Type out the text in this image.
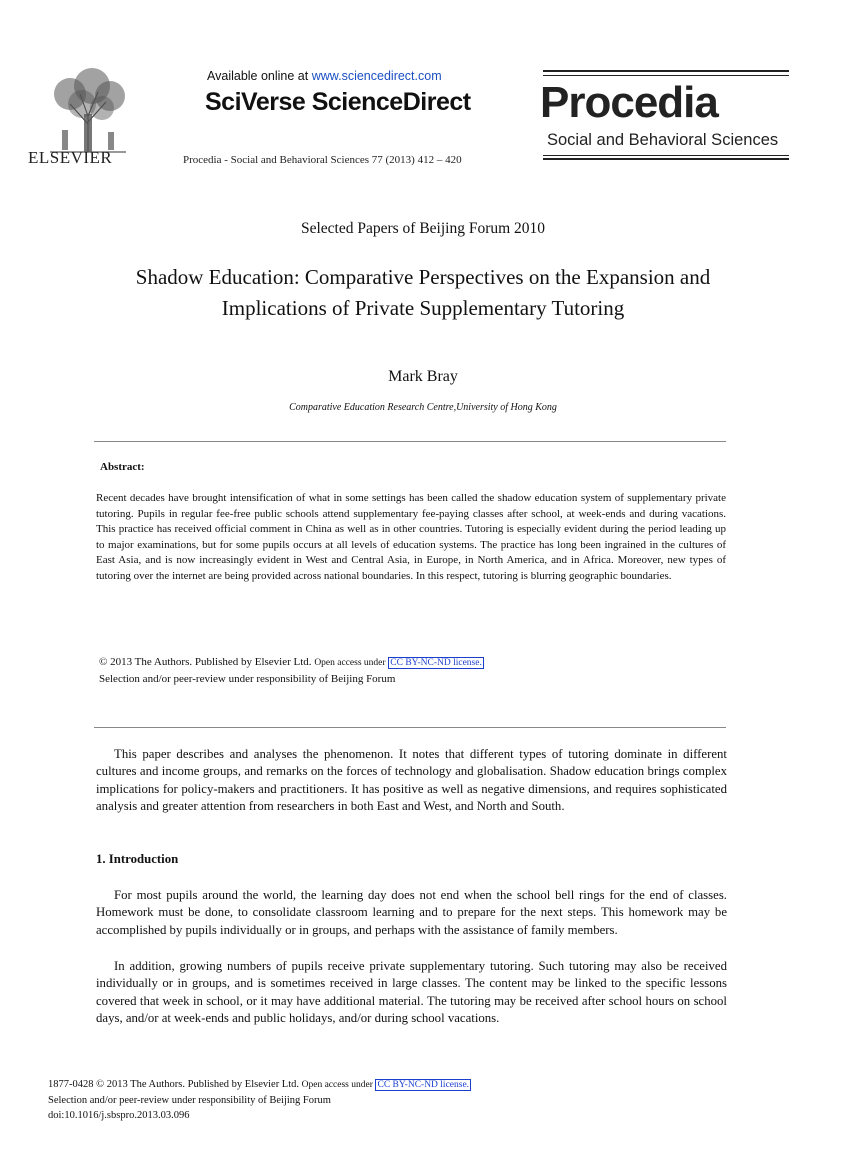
ELSEVIER
Available online at www.sciencedirect.com
SciVerse ScienceDirect
Procedia - Social and Behavioral Sciences 77 (2013) 412 – 420
Procedia
Social and Behavioral Sciences
Selected Papers of Beijing Forum 2010
Shadow Education: Comparative Perspectives on the Expansion and Implications of Private Supplementary Tutoring
Mark Bray
Comparative Education Research Centre,University of Hong Kong
Abstract:
Recent decades have brought intensification of what in some settings has been called the shadow education system of supplementary private tutoring. Pupils in regular fee-free public schools attend supplementary fee-paying classes after school, at week-ends and during vacations. This practice has received official comment in China as well as in other countries. Tutoring is especially evident during the period leading up to major examinations, but for some pupils occurs at all levels of education systems. The practice has long been ingrained in the cultures of East Asia, and is now increasingly evident in West and Central Asia, in Europe, in North America, and in Africa. Moreover, new types of tutoring over the internet are being provided across national boundaries. In this respect, tutoring is blurring geographic boundaries.
© 2013 The Authors. Published by Elsevier Ltd. Open access under CC BY-NC-ND license.
Selection and/or peer-review under responsibility of Beijing Forum
This paper describes and analyses the phenomenon. It notes that different types of tutoring dominate in different cultures and income groups, and remarks on the forces of technology and globalisation. Shadow education brings complex implications for policy-makers and practitioners. It has positive as well as negative dimensions, and requires sophisticated analysis and greater attention from researchers in both East and West, and North and South.
1. Introduction
For most pupils around the world, the learning day does not end when the school bell rings for the end of classes. Homework must be done, to consolidate classroom learning and to prepare for the next steps. This homework may be accomplished by pupils individually or in groups, and perhaps with the assistance of family members.
In addition, growing numbers of pupils receive private supplementary tutoring. Such tutoring may also be received individually or in groups, and is sometimes received in large classes. The content may be linked to the specific lessons covered that week in school, or it may have additional material. The tutoring may be received after school hours on school days, and/or at week-ends and public holidays, and/or during school vacations.
1877-0428 © 2013 The Authors. Published by Elsevier Ltd. Open access under CC BY-NC-ND license.
Selection and/or peer-review under responsibility of Beijing Forum
doi:10.1016/j.sbspro.2013.03.096
